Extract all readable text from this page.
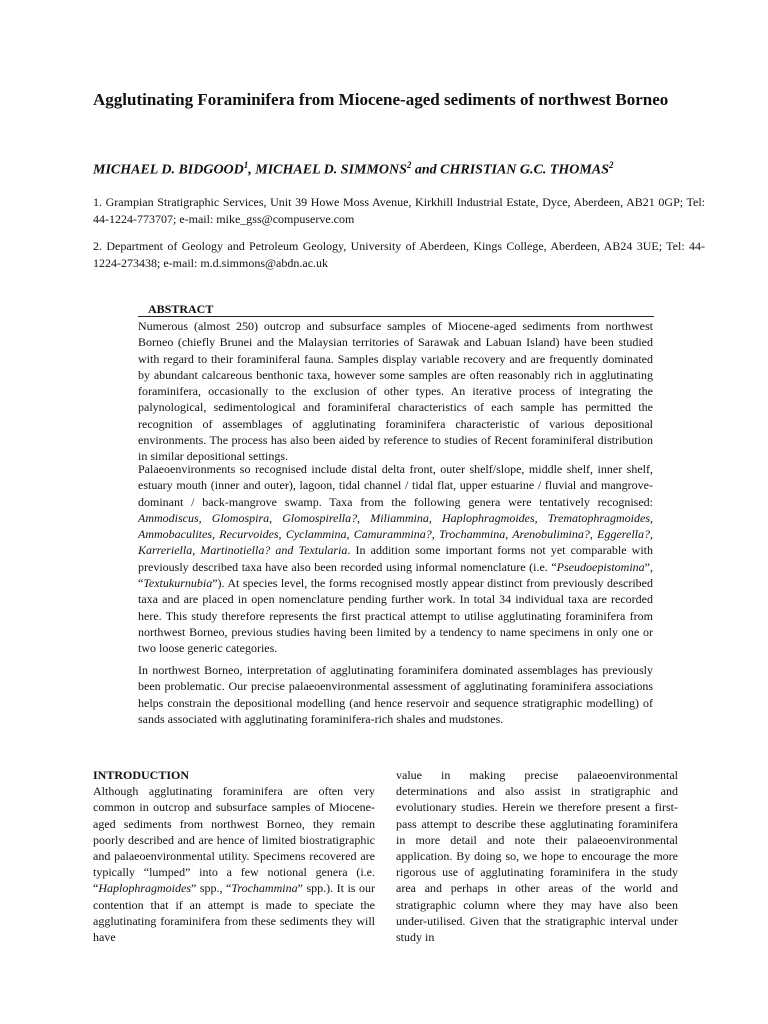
Agglutinating Foraminifera from Miocene-aged sediments of northwest Borneo

MICHAEL D. BIDGOOD$^1$, MICHAEL D. SIMMONS$^2$ and CHRISTIAN G.C. THOMAS$^2$

1. Grampian Stratigraphic Services, Unit 39 Howe Moss Avenue, Kirkhill Industrial Estate, Dyce, Aberdeen, AB21 0GP; Tel: 44-1224-773707; e-mail: mike_gss@compuserve.com

2. Department of Geology and Petroleum Geology, University of Aberdeen, Kings College, Aberdeen, AB24 3UE; Tel: 44-1224-273438; e-mail: m.d.simmons@abdn.ac.uk

ABSTRACT

Numerous (almost 250) outcrop and subsurface samples of Miocene-aged sediments from northwest Borneo (chiefly Brunei and the Malaysian territories of Sarawak and Labuan Island) have been studied with regard to their foraminiferal fauna. Samples display variable recovery and are frequently dominated by abundant calcareous benthonic taxa, however some samples are often reasonably rich in agglutinating foraminifera, occasionally to the exclusion of other types. An iterative process of integrating the palynological, sedimentological and foraminiferal characteristics of each sample has permitted the recognition of assemblages of agglutinating foraminifera characteristic of various depositional environments. The process has also been aided by reference to studies of Recent foraminiferal distribution in similar depositional settings.

Palaeoenvironments so recognised include distal delta front, outer shelf/slope, middle shelf, inner shelf, estuary mouth (inner and outer), lagoon, tidal channel / tidal flat, upper estuarine / fluvial and mangrove-dominant / back-mangrove swamp. Taxa from the following genera were tentatively recognised: Ammodiscus, Glomospira, Glomospirella?, Miliammina, Haplophragmoides, Trematophragmoides, Ammobaculites, Recurvoides, Cyclammina, Camurammina?, Trochammina, Arenobulimina?, Eggerella?, Karreriella, Martinotiella? and Textularia. In addition some important forms not yet comparable with previously described taxa have also been recorded using informal nomenclature (i.e. “Pseudoepistomina”, “Textukurnubia”). At species level, the forms recognised mostly appear distinct from previously described taxa and are placed in open nomenclature pending further work. In total 34 individual taxa are recorded here. This study therefore represents the first practical attempt to utilise agglutinating foraminifera from northwest Borneo, previous studies having been limited by a tendency to name specimens in only one or two loose generic categories.

In northwest Borneo, interpretation of agglutinating foraminifera dominated assemblages has previously been problematic. Our precise palaeoenvironmental assessment of agglutinating foraminifera associations helps constrain the depositional modelling (and hence reservoir and sequence stratigraphic modelling) of sands associated with agglutinating foraminifera-rich shales and mudstones.

INTRODUCTION

Although agglutinating foraminifera are often very common in outcrop and subsurface samples of Miocene-aged sediments from northwest Borneo, they remain poorly described and are hence of limited biostratigraphic and palaeoenvironmental utility. Specimens recovered are typically “lumped” into a few notional genera (i.e. “Haplophragmoides” spp., “Trochammina” spp.). It is our contention that if an attempt is made to speciate the agglutinating foraminifera from these sediments they will have

value in making precise palaeoenvironmental determinations and also assist in stratigraphic and evolutionary studies. Herein we therefore present a first-pass attempt to describe these agglutinating foraminifera in more detail and note their palaeoenvironmental application. By doing so, we hope to encourage the more rigorous use of agglutinating foraminifera in the study area and perhaps in other areas of the world and stratigraphic column where they may have also been under-utilised. Given that the stratigraphic interval under study in
